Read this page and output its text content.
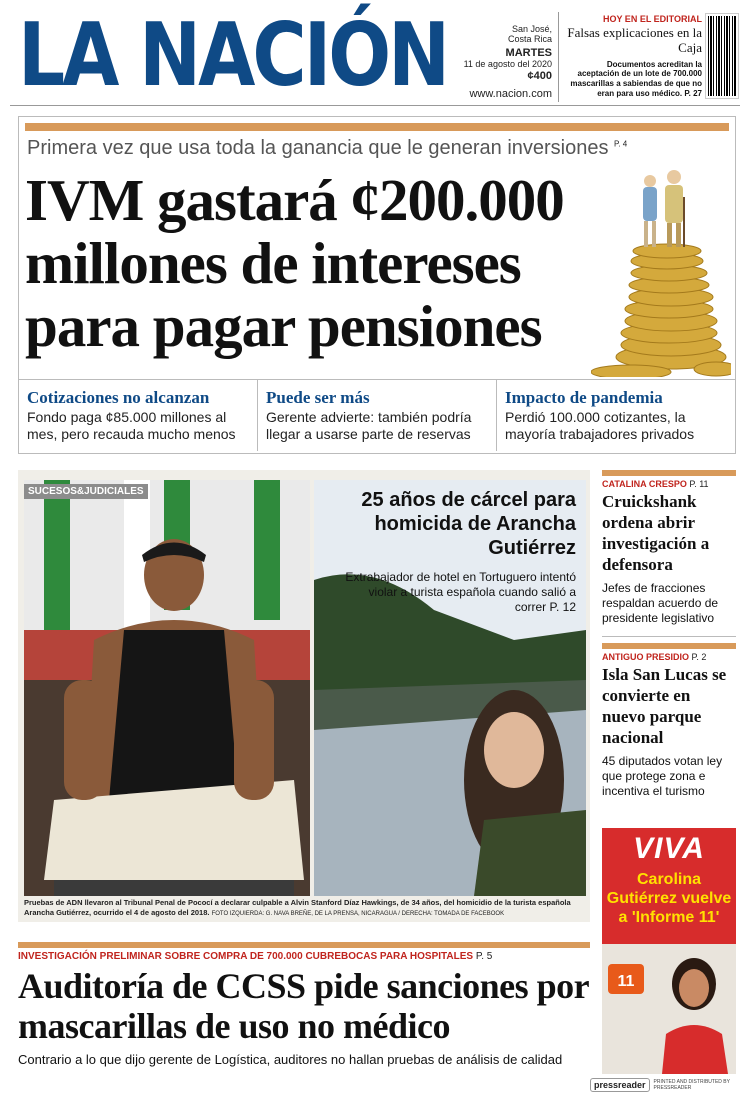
LA NACIÓN	San José,
Costa Rica
MARTES
11 de agosto del 2020
¢400
www.nacion.com
HOY EN EL EDITORIAL
Falsas explicaciones en la Caja
Documentos acreditan la aceptación de un lote de 700.000 mascarillas a sabiendas de que no eran para uso médico. P. 27
Primera vez que usa toda la ganancia que le generan inversiones $^{P. 4}$
IVM gastará ¢200.000 millones de intereses para pagar pensiones
Cotizaciones no alcanzan
Fondo paga ¢85.000 millones al mes, pero recauda mucho menos
Puede ser más
Gerente advierte: también podría llegar a usarse parte de reservas
Impacto de pandemia
Perdió 100.000 cotizantes, la mayoría trabajadores privados
SUCESOS&JUDICIALES	25 años de cárcel para homicida de Arancha Gutiérrez
Extrabajador de hotel en Tortuguero intentó violar a turista española cuando salió a correr P. 12
Pruebas de ADN llevaron al Tribunal Penal de Pococí a declarar culpable a Alvin Stanford Díaz Hawkings, de 34 años, del homicidio de la turista española Arancha Gutiérrez, ocurrido el 4 de agosto del 2018. FOTO IZQUIERDA: G. NAVA BREÑE, DE LA PRENSA, NICARAGUA / DERECHA: TOMADA DE FACEBOOK
CATALINA CRESPO P. 11
Cruickshank ordena abrir investigación a defensora
Jefes de fracciones respaldan acuerdo de presidente legislativo
ANTIGUO PRESIDIO P. 2
Isla San Lucas se convierte en nuevo parque nacional
45 diputados votan ley que protege zona e incentiva el turismo
VIVA
Carolina Gutiérrez vuelve a 'Informe 11'
11
INVESTIGACIÓN PRELIMINAR SOBRE COMPRA DE 700.000 CUBREBOCAS PARA HOSPITALES P. 5
Auditoría de CCSS pide sanciones por mascarillas de uso no médico
Contrario a lo que dijo gerente de Logística, auditores no hallan pruebas de análisis de calidad
pressreader	PRINTED AND DISTRIBUTED BY PRESSREADER
